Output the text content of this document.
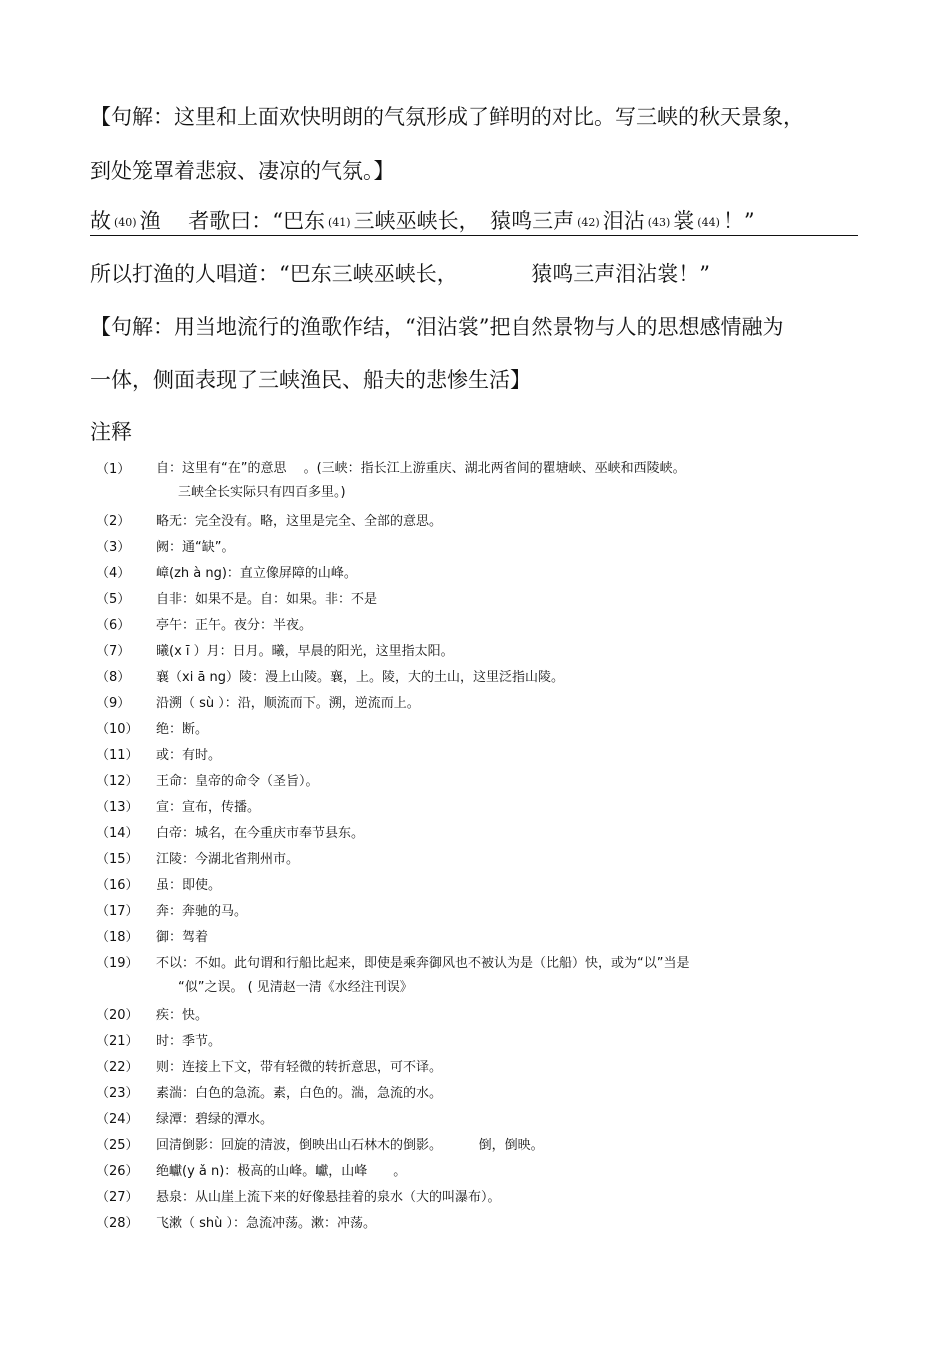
【句解：这里和上面欢快明朗的气氛形成了鲜明的对比。写三峡的秋天景象，
到处笼罩着悲寂、凄凉的气氛。】
故 (40) 渔　 者歌曰：“巴东 (41) 三峡巫峡长，　猿鸣三声 (42) 泪沾 (43) 裳 (44) ！”
所以打渔的人唱道：“巴东三峡巫峡长，　　　　猿鸣三声泪沾裳！”
【句解：用当地流行的渔歌作结，“泪沾裳”把自然景物与人的思想感情融为
一体，侧面表现了三峡渔民、船夫的悲惨生活】
注释
（1）	自：这里有“在”的意思　 。(三峡：指长江上游重庆、湖北两省间的瞿塘峡、巫峡和西陵峡。
三峡全长实际只有四百多里。)
（2）	略无：完全没有。略，这里是完全、全部的意思。
（3）	阙：通“缺”。
（4）	嶂(zh à ng)：直立像屏障的山峰。
（5）	自非：如果不是。自：如果。非：不是
（6）	亭午：正午。夜分：半夜。
（7）	曦(x ī ）月：日月。曦，早晨的阳光，这里指太阳。
（8）	襄（xi ā ng）陵：漫上山陵。襄，上。陵，大的土山，这里泛指山陵。
（9）	沿溯（ sù ）：沿，顺流而下。溯，逆流而上。
（10）	绝：断。
（11）	或：有时。
（12）	王命：皇帝的命令（圣旨）。
（13）	宣：宣布，传播。
（14）	白帝：城名，在今重庆市奉节县东。
（15）	江陵：今湖北省荆州市。
（16）	虽：即使。
（17）	奔：奔驰的马。
（18）	御：驾着
（19）	不以：不如。此句谓和行船比起来，即使是乘奔御风也不被认为是（比船）快，或为“以”当是
“似”之误。 ( 见清赵一清《水经注刊误》
（20）	疾：快。
（21）	时：季节。
（22）	则：连接上下文，带有轻微的转折意思，可不译。
（23）	素湍：白色的急流。素，白色的。湍，急流的水。
（24）	绿潭：碧绿的潭水。
（25）	回清倒影：回旋的清波，倒映出山石林木的倒影。　　　 倒，倒映。
（26）	绝巘(y ǎ n)：极高的山峰。巘，山峰　　。
（27）	悬泉：从山崖上流下来的好像悬挂着的泉水（大的叫瀑布）。
（28）	飞漱（ shù ）：急流冲荡。漱：冲荡。
